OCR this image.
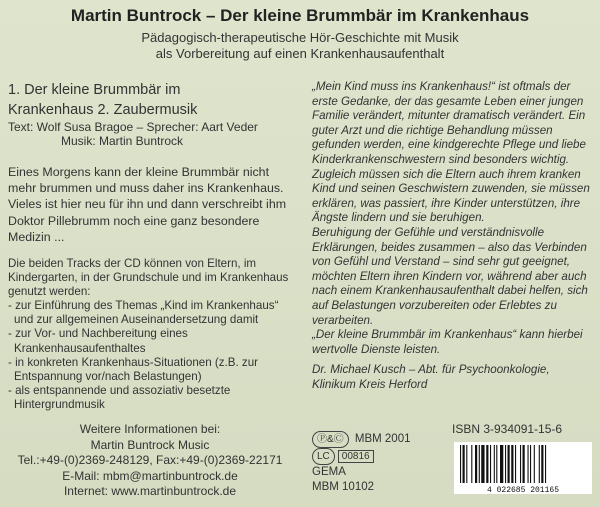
Martin Buntrock – Der kleine Brummbär im Krankenhaus
Pädagogisch-therapeutische Hör-Geschichte mit Musik
als Vorbereitung auf einen Krankenhausaufenthalt

1. Der kleine Brummbär im

Krankenhaus 2. Zaubermusik

Text: Wolf Susa Bragoe – Sprecher: Aart Veder
Musik: Martin Buntrock
Eines Morgens kann der kleine Brummbär nicht mehr brummen und muss daher ins Krankenhaus. Vieles ist hier neu für ihn und dann verschreibt ihm Doktor Pillebrumm noch eine ganz besondere Medizin ...
Die beiden Tracks der CD können von Eltern, im Kindergarten, in der Grundschule und im Krankenhaus genutzt werden:
- zur Einführung des Themas „Kind im Krankenhaus“ und zur allgemeinen Auseinandersetzung damit
- zur Vor- und Nachbereitung eines Krankenhausaufenthaltes
- in konkreten Krankenhaus-Situationen (z.B. zur Entspannung vor/nach Belastungen)
- als entspannende und assoziativ besetzte Hintergrundmusik
Weitere Informationen bei:
Martin Buntrock Music
Tel.:+49-(0)2369-248129, Fax:+49-(0)2369-22171
E-Mail: mbm@martinbuntrock.de
Internet: www.martinbuntrock.de

„Mein Kind muss ins Krankenhaus!“ ist oftmals der erste Gedanke, der das gesamte Leben einer jungen Familie verändert, mitunter dramatisch verändert. Ein guter Arzt und die richtige Behandlung müssen gefunden werden, eine kindgerechte Pflege und liebe Kinderkrankenschwestern sind besonders wichtig. Zugleich müssen sich die Eltern auch ihrem kranken Kind und seinen Geschwistern zuwenden, sie müssen erklären, was passiert, ihre Kinder unterstützen, ihre Ängste lindern und sie beruhigen.

Beruhigung der Gefühle und verständnisvolle Erklärungen, beides zusammen – also das Verbinden von Gefühl und Verstand – sind sehr gut geeignet, möchten Eltern ihren Kindern vor, während aber auch nach einem Krankenhausaufenthalt dabei helfen, sich auf Belastungen vorzubereiten oder Erlebtes zu verarbeiten.

„Der kleine Brummbär im Krankenhaus“ kann hierbei wertvolle Dienste leisten.

Dr. Michael Kusch – Abt. für Psychoonkologie, Klinikum Kreis Herford

Ⓟ&Ⓒ MBM 2001
LC 00816
GEMA
MBM 10102
ISBN 3-934091-15-6
4 022685 201165
